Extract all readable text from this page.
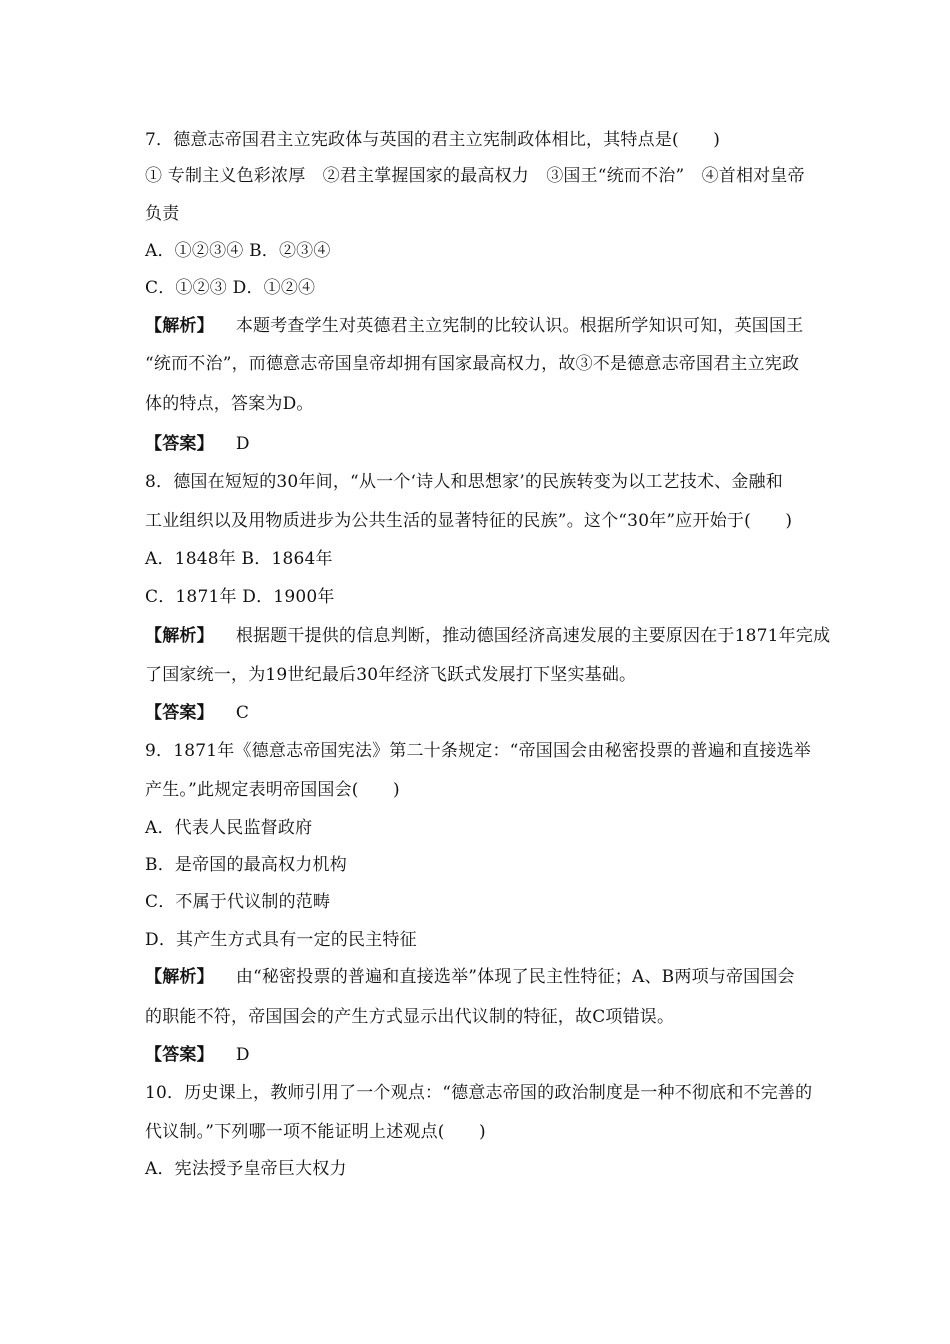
7．德意志帝国君主立宪政体与英国的君主立宪制政体相比，其特点是(　　)
① 专制主义色彩浓厚　②君主掌握国家的最高权力　③国王“统而不治”　④首相对皇帝
负责
A．①②③④ B．②③④
C．①②③ D．①②④
【解析】 本题考查学生对英德君主立宪制的比较认识。根据所学知识可知，英国国王
“统而不治”，而德意志帝国皇帝却拥有国家最高权力，故③不是德意志帝国君主立宪政
体的特点，答案为D。
【答案】 D
8．德国在短短的30年间，“从一个‘诗人和思想家’的民族转变为以工艺技术、金融和
工业组织以及用物质进步为公共生活的显著特征的民族”。这个“30年”应开始于(　　)
A．1848年 B．1864年
C．1871年 D．1900年
【解析】 根据题干提供的信息判断，推动德国经济高速发展的主要原因在于1871年完成
了国家统一，为19世纪最后30年经济飞跃式发展打下坚实基础。
【答案】 C
9．1871年《德意志帝国宪法》第二十条规定：“帝国国会由秘密投票的普遍和直接选举
产生。”此规定表明帝国国会(　　)
A．代表人民监督政府
B．是帝国的最高权力机构
C．不属于代议制的范畴
D．其产生方式具有一定的民主特征
【解析】 由“秘密投票的普遍和直接选举”体现了民主性特征；A、B两项与帝国国会
的职能不符，帝国国会的产生方式显示出代议制的特征，故C项错误。
【答案】 D
10．历史课上，教师引用了一个观点：“德意志帝国的政治制度是一种不彻底和不完善的
代议制。”下列哪一项不能证明上述观点(　　)
A．宪法授予皇帝巨大权力
